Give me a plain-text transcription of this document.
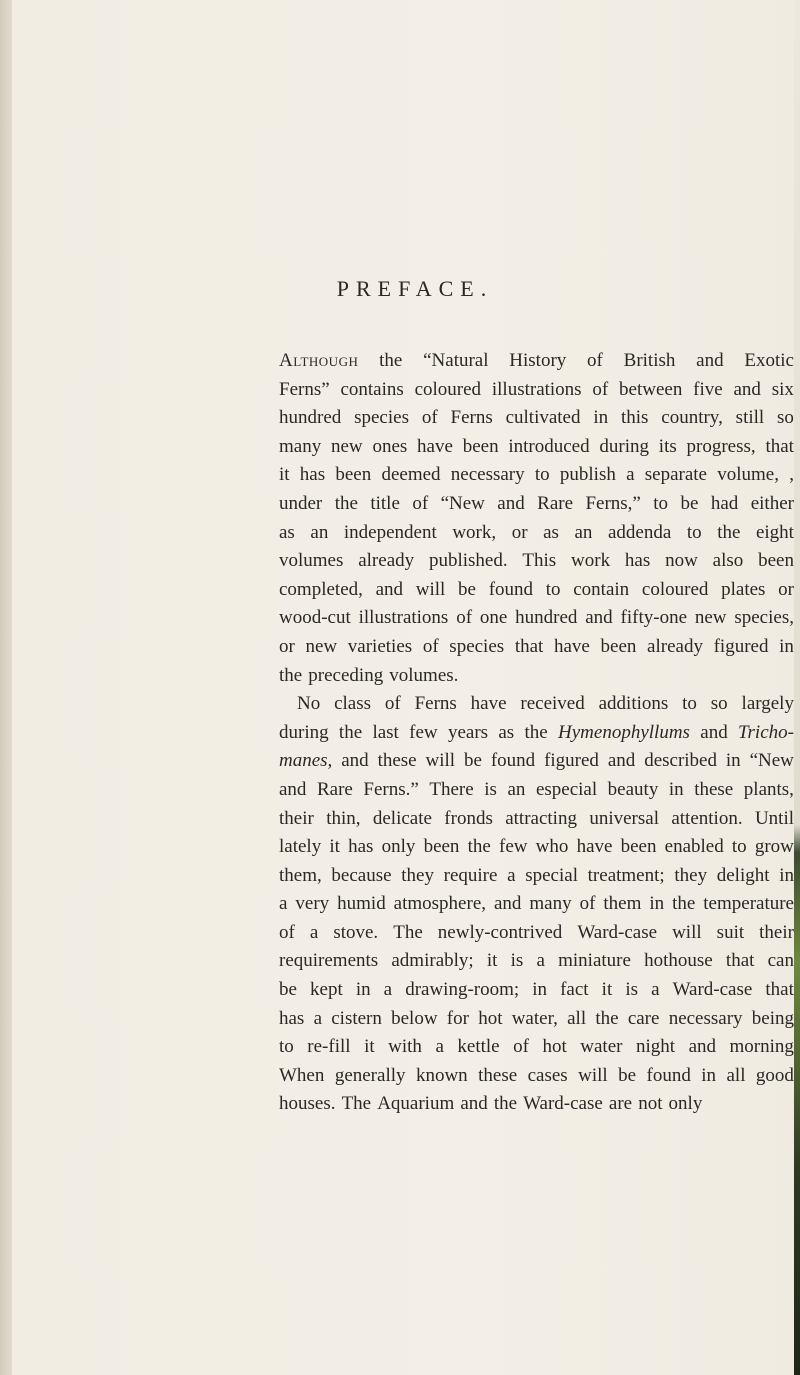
PREFACE.
Although the “Natural History of British and Exotic
Ferns” contains coloured illustrations of between five and six
hundred species of Ferns cultivated in this country, still so
many new ones have been introduced during its progress, that
it has been deemed necessary to publish a separate volume, ,
under the title of “New and Rare Ferns,” to be had either
as an independent work, or as an addenda to the eight
volumes already published. This work has now also been
completed, and will be found to contain coloured plates or
wood-cut illustrations of one hundred and fifty-one new species,
or new varieties of species that have been already figured in
the preceding volumes.
No class of Ferns have received additions to so largely
during the last few years as the Hymenophyllums and Tricho-
manes, and these will be found figured and described in “New
and Rare Ferns.” There is an especial beauty in these plants,
their thin, delicate fronds attracting universal attention. Until
lately it has only been the few who have been enabled to grow
them, because they require a special treatment; they delight in
a very humid atmosphere, and many of them in the temperature
of a stove. The newly-contrived Ward-case will suit their
requirements admirably; it is a miniature hothouse that can
be kept in a drawing-room; in fact it is a Ward-case that
has a cistern below for hot water, all the care necessary being
to re-fill it with a kettle of hot water night and morning
When generally known these cases will be found in all good
houses. The Aquarium and the Ward-case are not only
